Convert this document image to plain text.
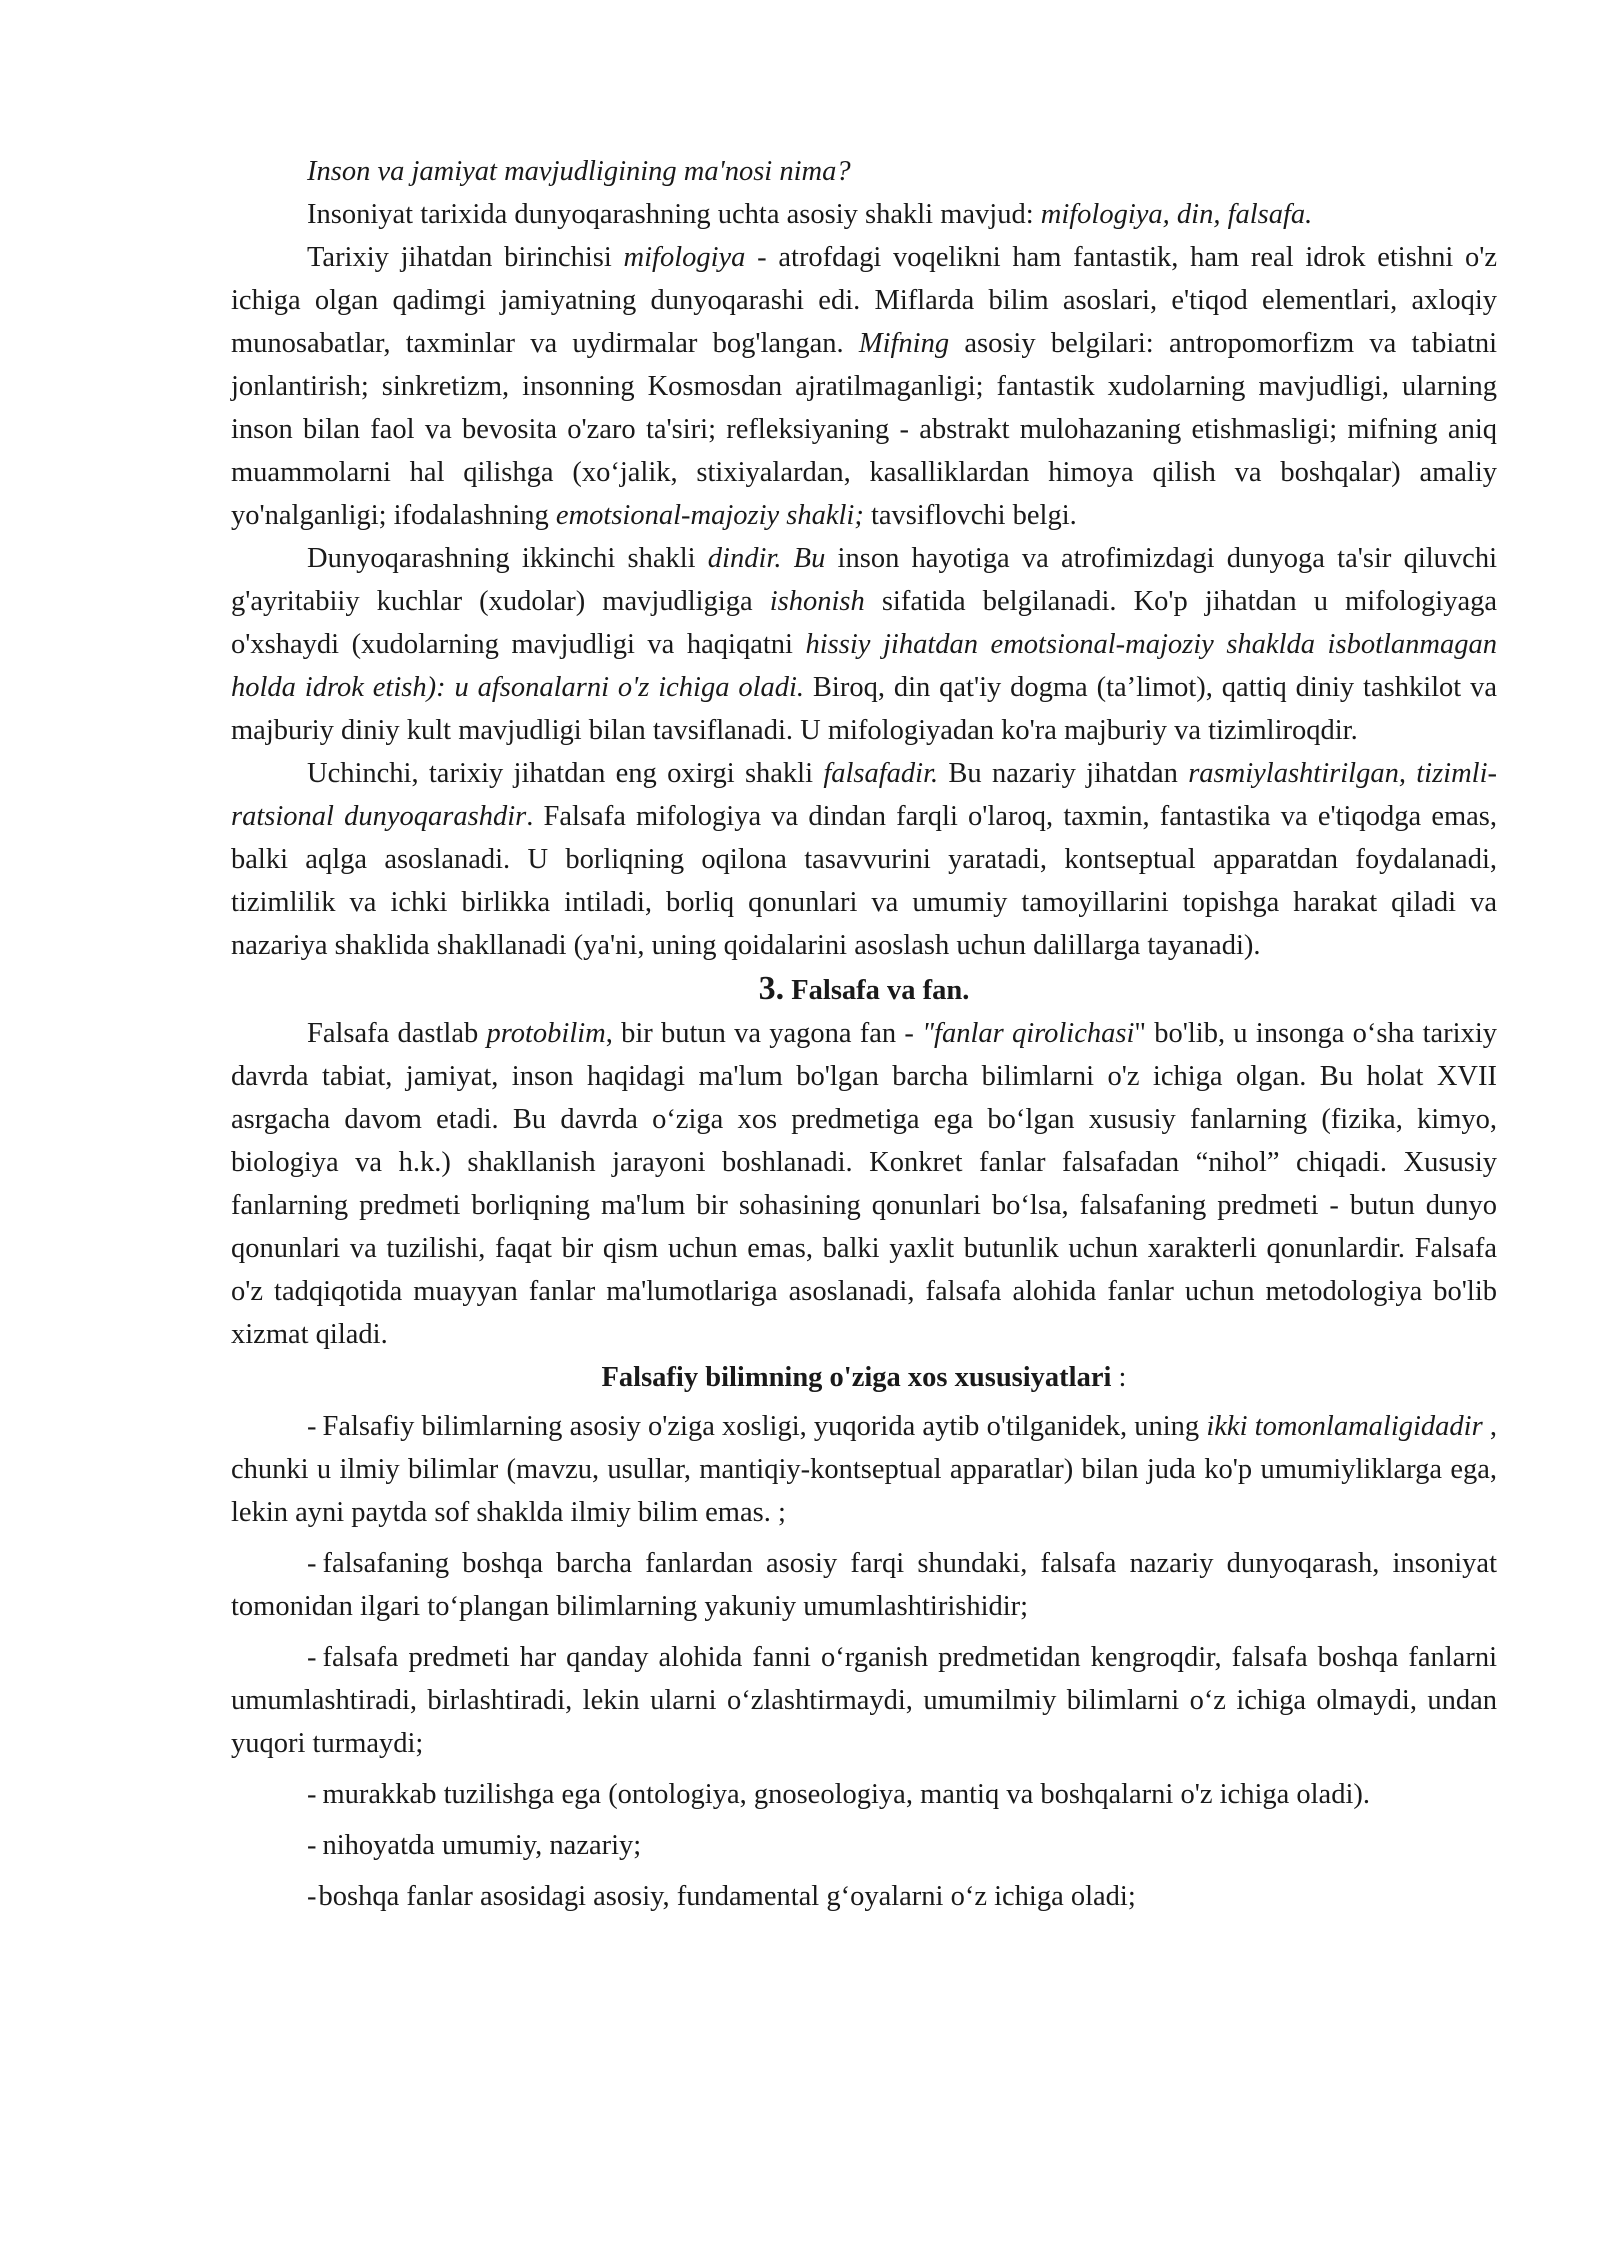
Inson va jamiyat mavjudligining ma'nosi nima?

Insoniyat tarixida dunyoqarashning uchta asosiy shakli mavjud: mifologiya, din, falsafa.

Tarixiy jihatdan birinchisi mifologiya - atrofdagi voqelikni ham fantastik, ham real idrok etishni o'z ichiga olgan qadimgi jamiyatning dunyoqarashi edi. Miflarda bilim asoslari, e'tiqod elementlari, axloqiy munosabatlar, taxminlar va uydirmalar bog'langan. Mifning asosiy belgilari: antropomorfizm va tabiatni jonlantirish; sinkretizm, insonning Kosmosdan ajratilmaganligi; fantastik xudolarning mavjudligi, ularning inson bilan faol va bevosita o'zaro ta'siri; refleksiyaning - abstrakt mulohazaning etishmasligi; mifning aniq muammolarni hal qilishga (xo‘jalik, stixiyalardan, kasalliklardan himoya qilish va boshqalar) amaliy yo'nalganligi; ifodalashning emotsional-majoziy shakli; tavsiflovchi belgi.

Dunyoqarashning ikkinchi shakli dindir. Bu inson hayotiga va atrofimizdagi dunyoga ta'sir qiluvchi g'ayritabiiy kuchlar (xudolar) mavjudligiga ishonish sifatida belgilanadi. Ko'p jihatdan u mifologiyaga o'xshaydi (xudolarning mavjudligi va haqiqatni hissiy jihatdan emotsional-majoziy shaklda isbotlanmagan holda idrok etish): u afsonalarni o'z ichiga oladi. Biroq, din qat'iy dogma (ta’limot), qattiq diniy tashkilot va majburiy diniy kult mavjudligi bilan tavsiflanadi. U mifologiyadan ko'ra majburiy va tizimliroqdir.

Uchinchi, tarixiy jihatdan eng oxirgi shakli falsafadir. Bu nazariy jihatdan rasmiylashtirilgan, tizimli-ratsional dunyoqarashdir. Falsafa mifologiya va dindan farqli o'laroq, taxmin, fantastika va e'tiqodga emas, balki aqlga asoslanadi. U borliqning oqilona tasavvurini yaratadi, kontseptual apparatdan foydalanadi, tizimlilik va ichki birlikka intiladi, borliq qonunlari va umumiy tamoyillarini topishga harakat qiladi va nazariya shaklida shakllanadi (ya'ni, uning qoidalarini asoslash uchun dalillarga tayanadi).

3. Falsafa va fan.

Falsafa dastlab protobilim, bir butun va yagona fan - "fanlar qirolichasi" bo'lib, u insonga o‘sha tarixiy davrda tabiat, jamiyat, inson haqidagi ma'lum bo'lgan barcha bilimlarni o'z ichiga olgan. Bu holat XVII asrgacha davom etadi. Bu davrda o‘ziga xos predmetiga ega bo‘lgan xususiy fanlarning (fizika, kimyo, biologiya va h.k.) shakllanish jarayoni boshlanadi. Konkret fanlar falsafadan “nihol” chiqadi. Xususiy fanlarning predmeti borliqning ma'lum bir sohasining qonunlari bo‘lsa, falsafaning predmeti - butun dunyo qonunlari va tuzilishi, faqat bir qism uchun emas, balki yaxlit butunlik uchun xarakterli qonunlardir. Falsafa o'z tadqiqotida muayyan fanlar ma'lumotlariga asoslanadi, falsafa alohida fanlar uchun metodologiya bo'lib xizmat qiladi.

Falsafiy bilimning o'ziga xos xususiyatlari :

- Falsafiy bilimlarning asosiy o'ziga xosligi, yuqorida aytib o'tilganidek, uning ikki tomonlamaligidadir , chunki u ilmiy bilimlar (mavzu, usullar, mantiqiy-kontseptual apparatlar) bilan juda ko'p umumiyliklarga ega, lekin ayni paytda sof shaklda ilmiy bilim emas. ;

- falsafaning boshqa barcha fanlardan asosiy farqi shundaki, falsafa nazariy dunyoqarash, insoniyat tomonidan ilgari to‘plangan bilimlarning yakuniy umumlashtirishidir;

- falsafa predmeti har qanday alohida fanni o‘rganish predmetidan kengroqdir, falsafa boshqa fanlarni umumlashtiradi, birlashtiradi, lekin ularni o‘zlashtirmaydi, umumilmiy bilimlarni o‘z ichiga olmaydi, undan yuqori turmaydi;

- murakkab tuzilishga ega (ontologiya, gnoseologiya, mantiq va boshqalarni o'z ichiga oladi).

- nihoyatda umumiy, nazariy;

-boshqa fanlar asosidagi asosiy, fundamental g‘oyalarni o‘z ichiga oladi;
